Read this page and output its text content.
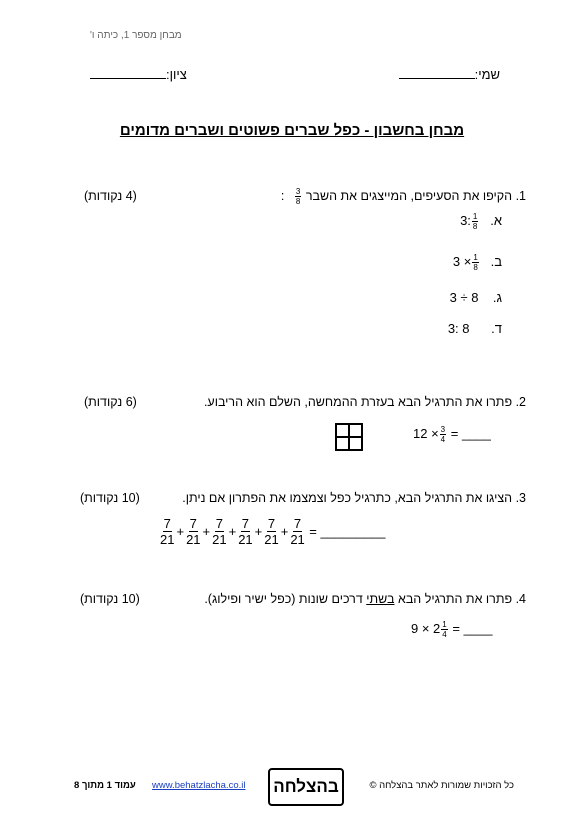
מבחן מספר 1, כיתה ו'
שמי:
ציון:
מבחן בחשבון - כפל שברים פשוטים ושברים מדומים
1. הקיפו את הסעיפים, המייצגים את השבר
$\frac{3}{8}$
:
(4 נקודות)
א.   3: $\frac{1}{8}$
ב.   $3 \times \frac{1}{8}$
ג.    3 ÷ 8
ד.      3: 8
2. פתרו את התרגיל הבא בעזרת ההמחשה, השלם הוא הריבוע.
(6 נקודות)
$12 \times \frac{3}{4}$ = ____
3. הציגו את התרגיל הבא, כתרגיל כפל וצמצמו את הפתרון אם ניתן.
(10 נקודות)
$\frac{7}{21} + \frac{7}{21} + \frac{7}{21} + \frac{7}{21} + \frac{7}{21} + \frac{7}{21}$ = _________
4. פתרו את התרגיל הבא בשתי דרכים שונות (כפל ישיר ופילוג).
(10 נקודות)
$9 \times 2 \frac{1}{4}$ = ____
כל הזכויות שמורות לאתר בהצלחה ©
בהצלחה
www.behatzlacha.co.il
עמוד 1 מתוך 8
